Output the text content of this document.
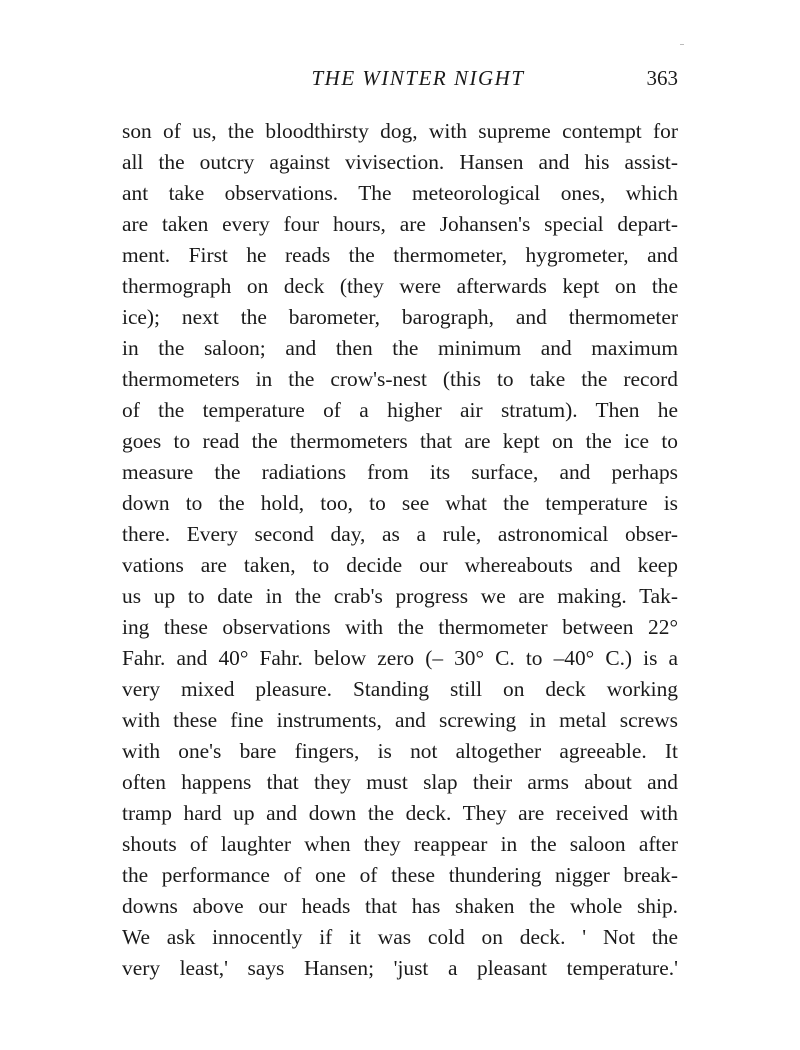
THE WINTER NIGHT	363
son of us, the bloodthirsty dog, with supreme contempt for
all the outcry against vivisection. Hansen and his assist-
ant take observations. The meteorological ones, which
are taken every four hours, are Johansen's special depart-
ment. First he reads the thermometer, hygrometer, and
thermograph on deck (they were afterwards kept on the
ice); next the barometer, barograph, and thermometer
in the saloon; and then the minimum and maximum
thermometers in the crow's-nest (this to take the record
of the temperature of a higher air stratum). Then he
goes to read the thermometers that are kept on the ice to
measure the radiations from its surface, and perhaps
down to the hold, too, to see what the temperature is
there. Every second day, as a rule, astronomical obser-
vations are taken, to decide our whereabouts and keep
us up to date in the crab's progress we are making. Tak-
ing these observations with the thermometer between 22°
Fahr. and 40° Fahr. below zero (– 30° C. to –40° C.) is a
very mixed pleasure. Standing still on deck working
with these fine instruments, and screwing in metal screws
with one's bare fingers, is not altogether agreeable. It
often happens that they must slap their arms about and
tramp hard up and down the deck. They are received with
shouts of laughter when they reappear in the saloon after
the performance of one of these thundering nigger break-
downs above our heads that has shaken the whole ship.
We ask innocently if it was cold on deck. ' Not the
very least,' says Hansen; 'just a pleasant temperature.'
